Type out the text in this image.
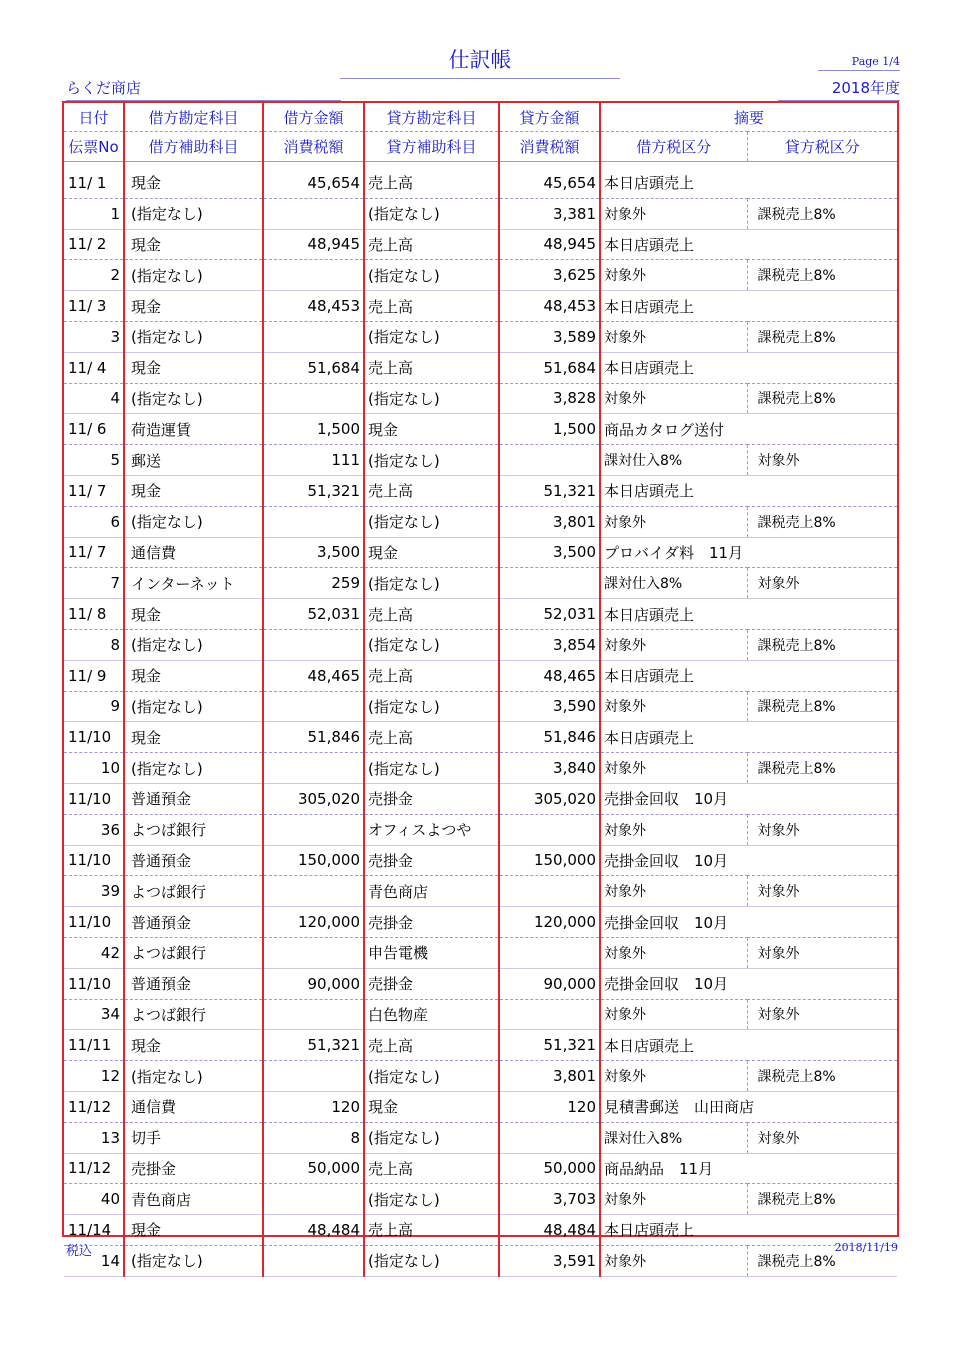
仕訳帳	Page 1/4
らくだ商店	2018年度
日付	借方勘定科目	借方金額	貸方勘定科目	貸方金額	摘要	
伝票No	借方補助科目	消費税額	貸方補助科目	消費税額	借方税区分	貸方税区分

11/ 1	現金	45,654	売上高	45,654	本日店頭売上	
1	(指定なし)		(指定なし)	3,381	対象外	課税売上8%
11/ 2	現金	48,945	売上高	48,945	本日店頭売上	
2	(指定なし)		(指定なし)	3,625	対象外	課税売上8%
11/ 3	現金	48,453	売上高	48,453	本日店頭売上	
3	(指定なし)		(指定なし)	3,589	対象外	課税売上8%
11/ 4	現金	51,684	売上高	51,684	本日店頭売上	
4	(指定なし)		(指定なし)	3,828	対象外	課税売上8%
11/ 6	荷造運賃	1,500	現金	1,500	商品カタログ送付	
5	郵送	111	(指定なし)		課対仕入8%	対象外
11/ 7	現金	51,321	売上高	51,321	本日店頭売上	
6	(指定なし)		(指定なし)	3,801	対象外	課税売上8%
11/ 7	通信費	3,500	現金	3,500	プロバイダ料　11月	
7	インターネット	259	(指定なし)		課対仕入8%	対象外
11/ 8	現金	52,031	売上高	52,031	本日店頭売上	
8	(指定なし)		(指定なし)	3,854	対象外	課税売上8%
11/ 9	現金	48,465	売上高	48,465	本日店頭売上	
9	(指定なし)		(指定なし)	3,590	対象外	課税売上8%
11/10	現金	51,846	売上高	51,846	本日店頭売上	
10	(指定なし)		(指定なし)	3,840	対象外	課税売上8%
11/10	普通預金	305,020	売掛金	305,020	売掛金回収　10月	
36	よつば銀行		オフィスよつや		対象外	対象外
11/10	普通預金	150,000	売掛金	150,000	売掛金回収　10月	
39	よつば銀行		青色商店		対象外	対象外
11/10	普通預金	120,000	売掛金	120,000	売掛金回収　10月	
42	よつば銀行		申告電機		対象外	対象外
11/10	普通預金	90,000	売掛金	90,000	売掛金回収　10月	
34	よつば銀行		白色物産		対象外	対象外
11/11	現金	51,321	売上高	51,321	本日店頭売上	
12	(指定なし)		(指定なし)	3,801	対象外	課税売上8%
11/12	通信費	120	現金	120	見積書郵送　山田商店	
13	切手	8	(指定なし)		課対仕入8%	対象外
11/12	売掛金	50,000	売上高	50,000	商品納品　11月	
40	青色商店		(指定なし)	3,703	対象外	課税売上8%
11/14	現金	48,484	売上高	48,484	本日店頭売上	
14	(指定なし)		(指定なし)	3,591	対象外	課税売上8%
税込	2018/11/19
